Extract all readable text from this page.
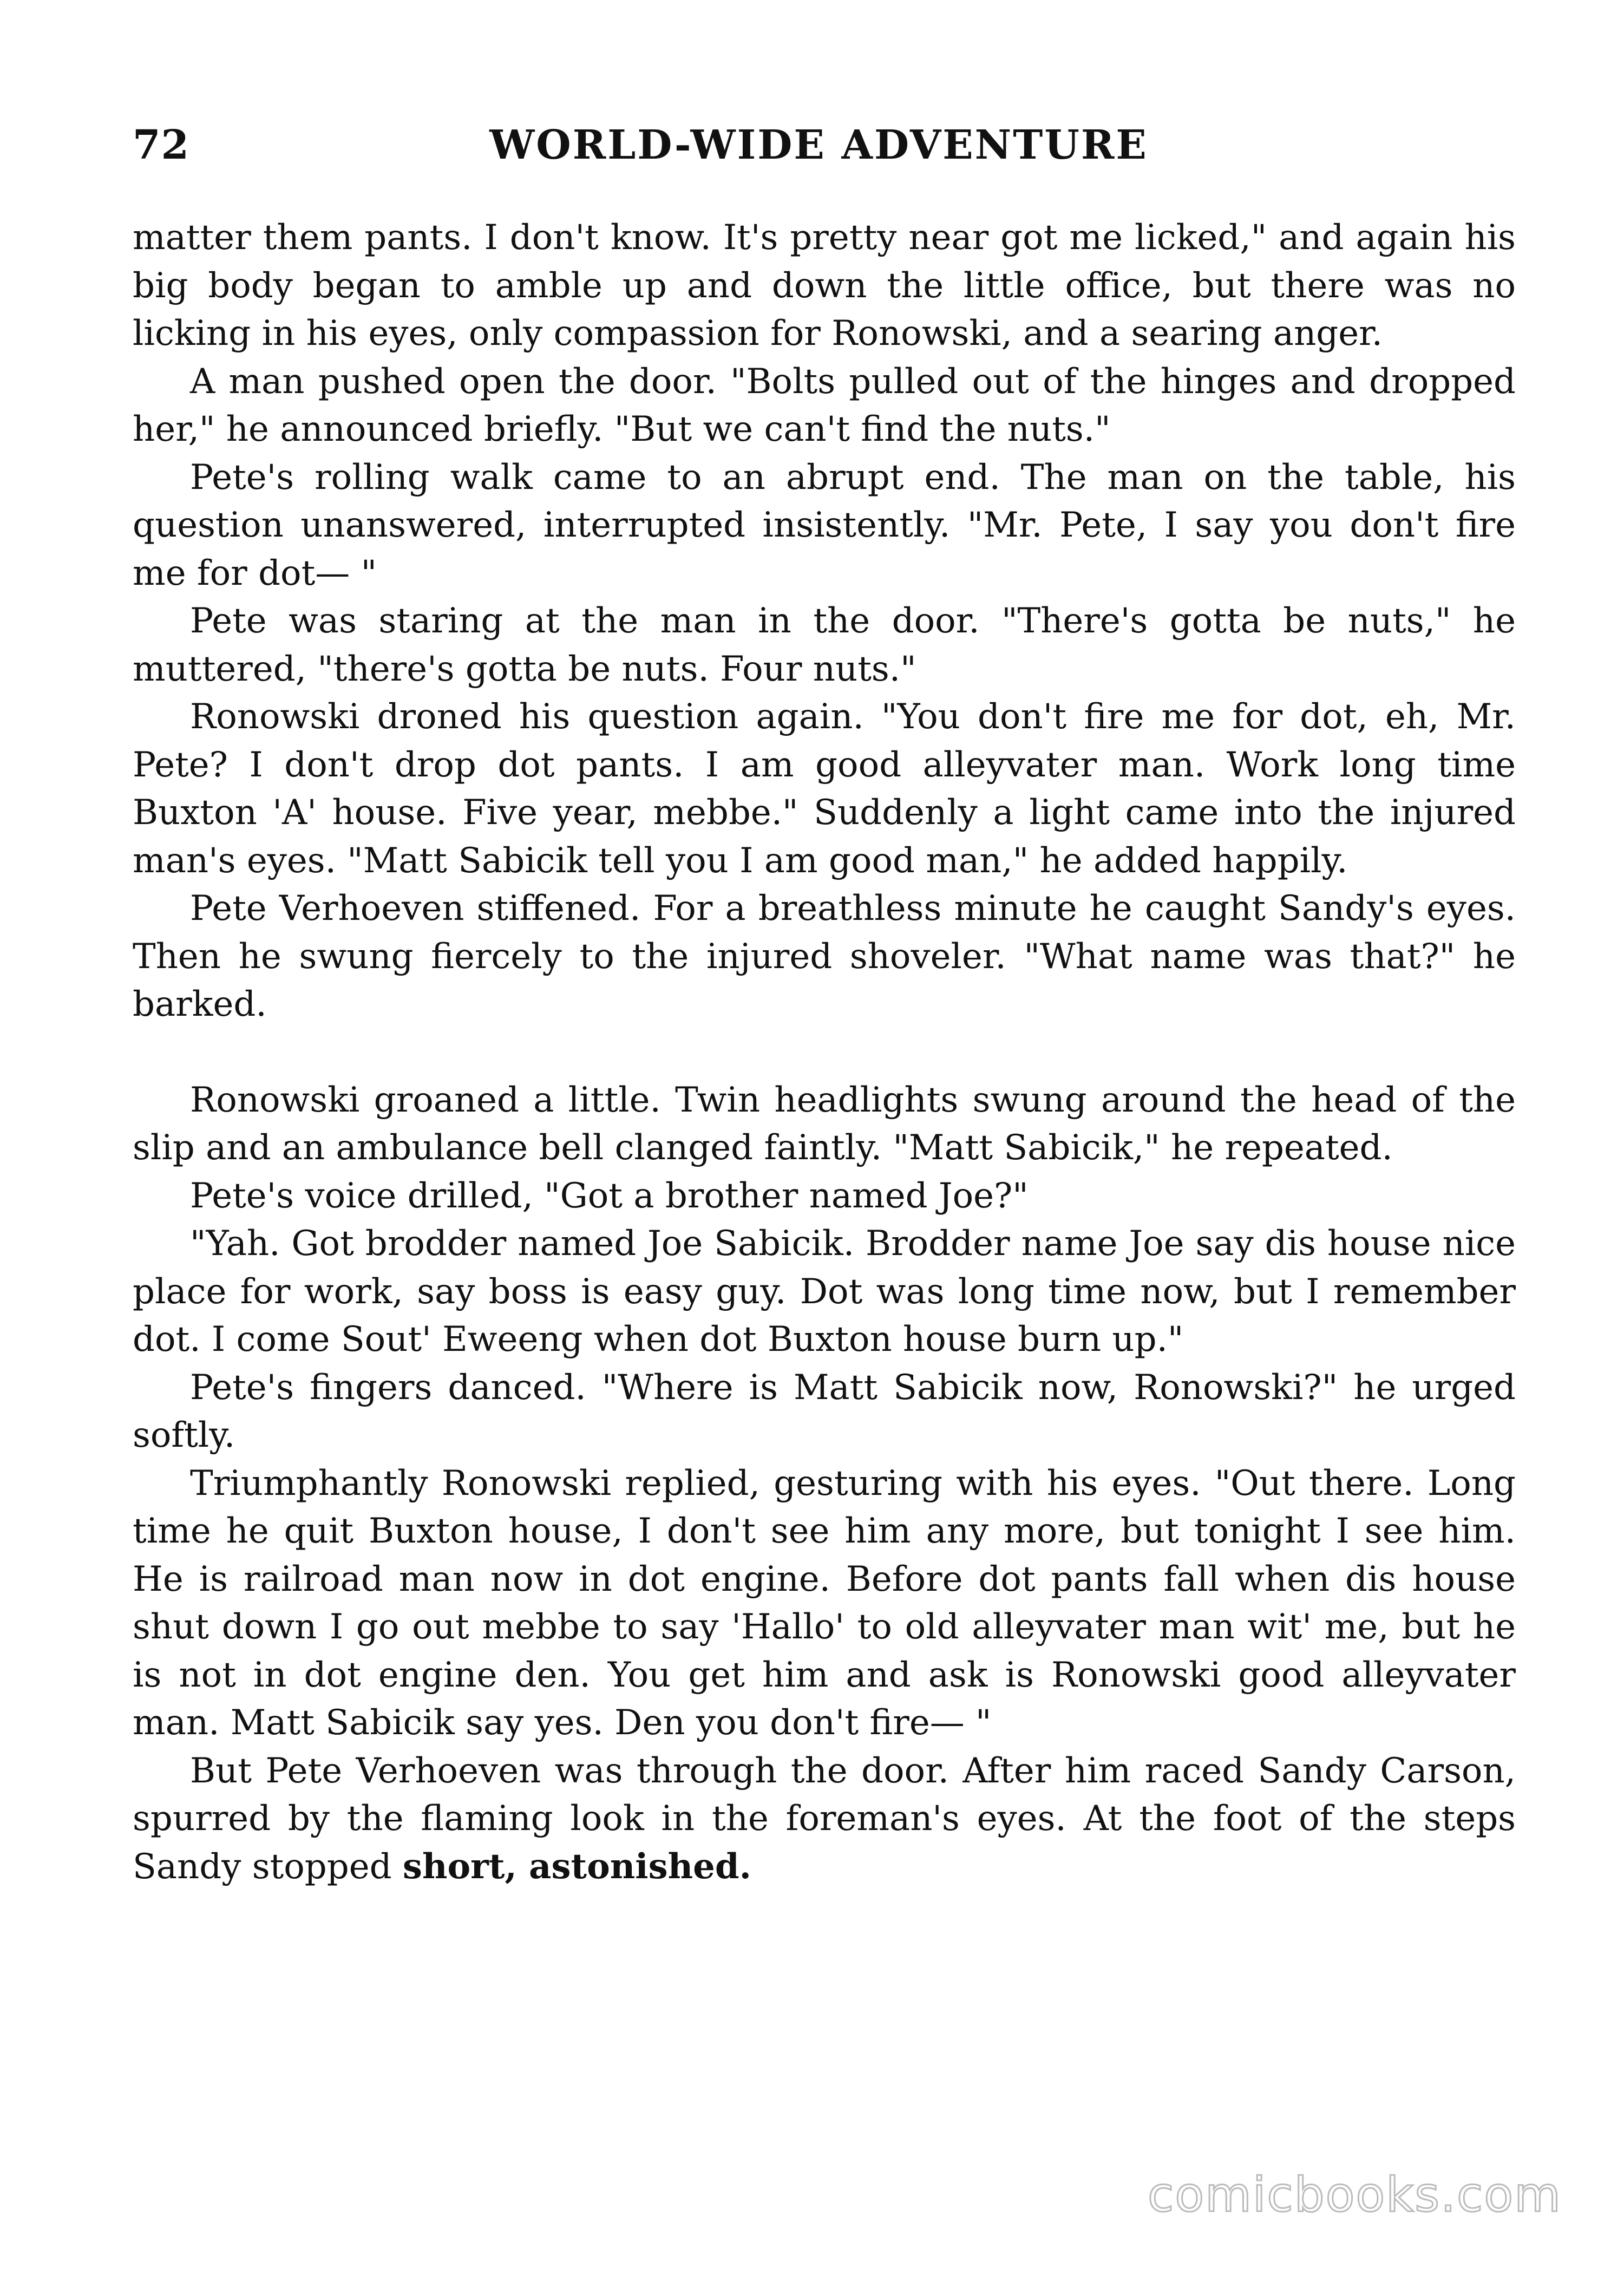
72	WORLD-WIDE ADVENTURE

matter them pants. I don't know. It's pretty near got me licked," and again his big body began to amble up and down the little office, but there was no licking in his eyes, only compassion for Ronowski, and a searing anger.

A man pushed open the door. "Bolts pulled out of the hinges and dropped her," he announced briefly. "But we can't find the nuts."

Pete's rolling walk came to an abrupt end. The man on the table, his question unanswered, interrupted insistently. "Mr. Pete, I say you don't fire me for dot— "

Pete was staring at the man in the door. "There's gotta be nuts," he muttered, "there's gotta be nuts. Four nuts."

Ronowski droned his question again. "You don't fire me for dot, eh, Mr. Pete? I don't drop dot pants. I am good alleyvater man. Work long time Buxton 'A' house. Five year, mebbe." Suddenly a light came into the injured man's eyes. "Matt Sabicik tell you I am good man," he added happily.

Pete Verhoeven stiffened. For a breathless minute he caught Sandy's eyes. Then he swung fiercely to the injured shoveler. "What name was that?" he barked.

Ronowski groaned a little. Twin headlights swung around the head of the slip and an ambulance bell clanged faintly. "Matt Sabicik," he repeated.

Pete's voice drilled, "Got a brother named Joe?"

"Yah. Got brodder named Joe Sabicik. Brodder name Joe say dis house nice place for work, say boss is easy guy. Dot was long time now, but I remember dot. I come Sout' Eweeng when dot Buxton house burn up."

Pete's fingers danced. "Where is Matt Sabicik now, Ronowski?" he urged softly.

Triumphantly Ronowski replied, gesturing with his eyes. "Out there. Long time he quit Buxton house, I don't see him any more, but tonight I see him. He is railroad man now in dot engine. Before dot pants fall when dis house shut down I go out mebbe to say 'Hallo' to old alleyvater man wit' me, but he is not in dot engine den. You get him and ask is Ronowski good alleyvater man. Matt Sabicik say yes. Den you don't fire— "

But Pete Verhoeven was through the door. After him raced Sandy Carson, spurred by the flaming look in the foreman's eyes. At the foot of the steps Sandy stopped short, astonished.

comicbooks.com
